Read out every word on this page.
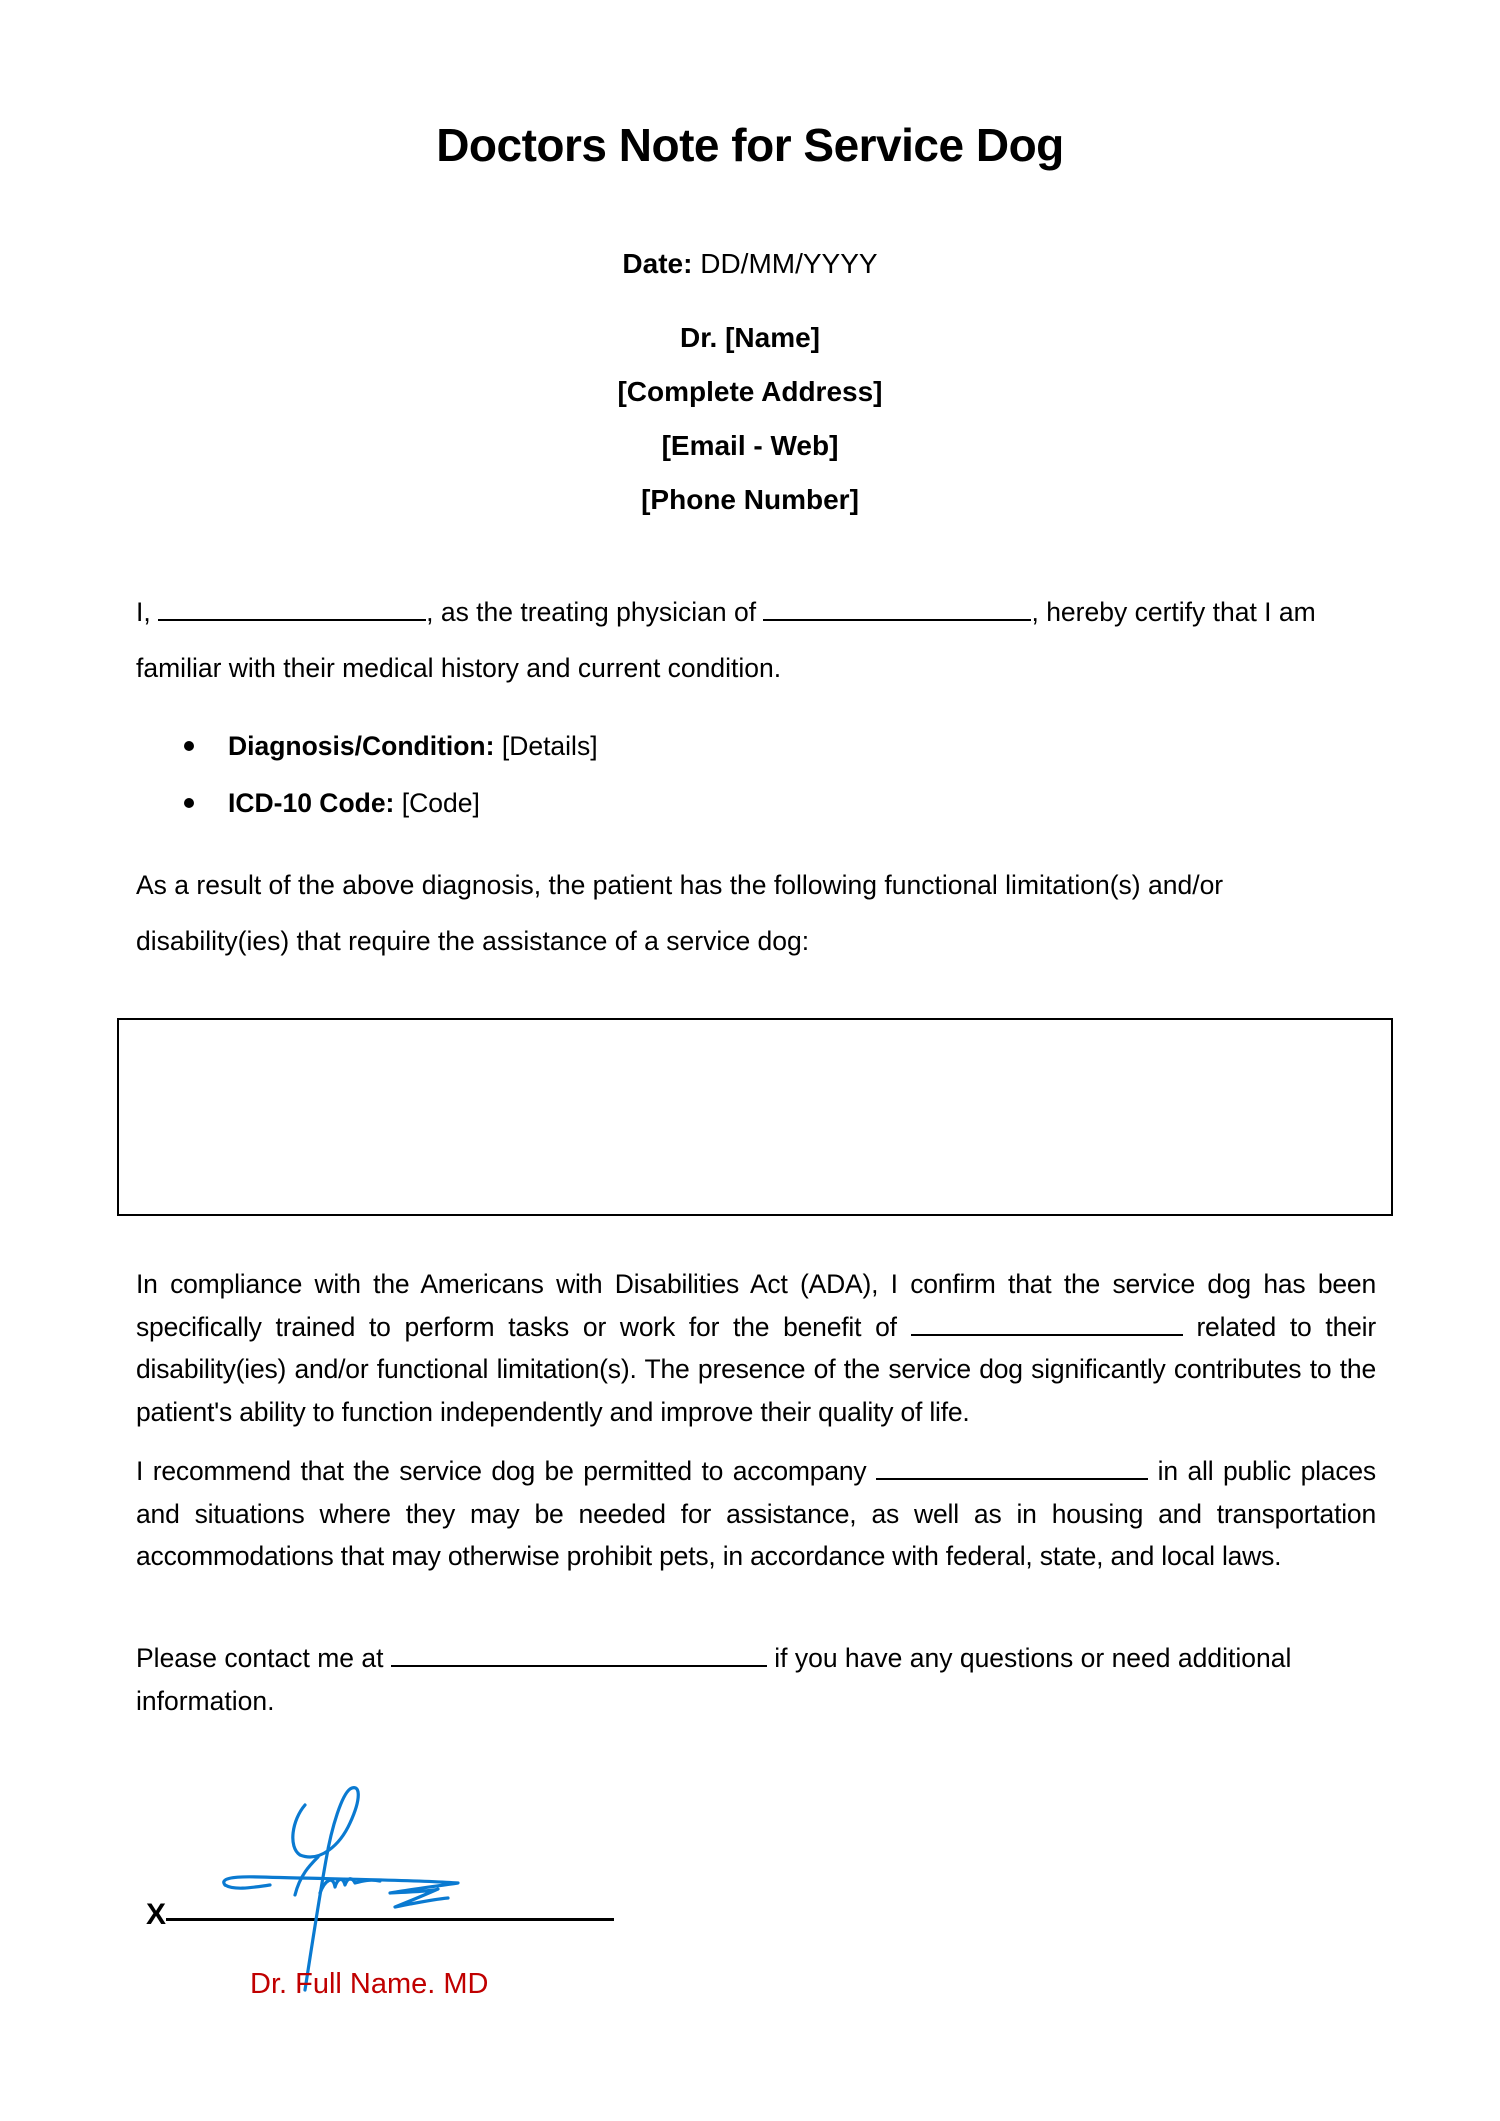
Doctors Note for Service Dog
Date: DD/MM/YYYY
Dr. [Name]
[Complete Address]
[Email - Web]
[Phone Number]
I,	, as the treating physician of	, hereby certify that I am familiar with their medical history and current condition.
Diagnosis/Condition: [Details]
ICD-10 Code: [Code]
As a result of the above diagnosis, the patient has the following functional limitation(s) and/or disability(ies) that require the assistance of a service dog:
In compliance with the Americans with Disabilities Act (ADA), I confirm that the service dog has been specifically trained to perform tasks or work for the benefit of	related to their disability(ies) and/or functional limitation(s). The presence of the service dog significantly contributes to the patient's ability to function independently and improve their quality of life.
I recommend that the service dog be permitted to accompany	in all public places and situations where they may be needed for assistance, as well as in housing and transportation accommodations that may otherwise prohibit pets, in accordance with federal, state, and local laws.
Please contact me at	if you have any questions or need additional information.
X
Dr. Full Name. MD
